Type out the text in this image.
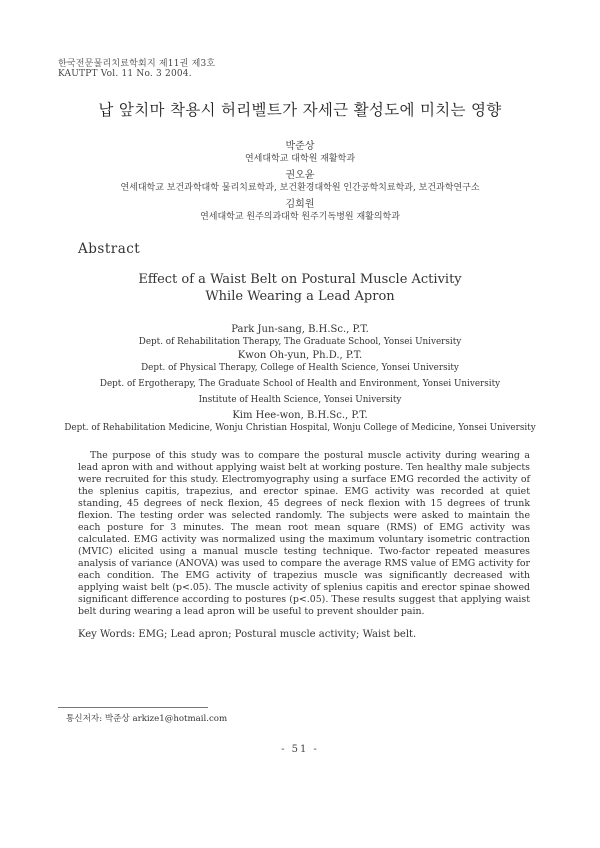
한국전문물리치료학회지 제11권 제3호
KAUTPT Vol. 11 No. 3 2004.
납 앞치마 착용시 허리벨트가 자세근 활성도에 미치는 영향
박준상
연세대학교 대학원 재활학과
권오윤
연세대학교 보건과학대학 물리치료학과, 보건환경대학원 인간공학치료학과, 보건과학연구소
김희원
연세대학교 원주의과대학 원주기독병원 재활의학과
Abstract
Effect of a Waist Belt on Postural Muscle Activity
While Wearing a Lead Apron
Park Jun-sang, B.H.Sc., P.T.
Dept. of Rehabilitation Therapy, The Graduate School, Yonsei University
Kwon Oh-yun, Ph.D., P.T.
Dept. of Physical Therapy, College of Health Science, Yonsei University
Dept. of Ergotherapy, The Graduate School of Health and Environment, Yonsei University
Institute of Health Science, Yonsei University
Kim Hee-won, B.H.Sc., P.T.
Dept. of Rehabilitation Medicine, Wonju Christian Hospital, Wonju College of Medicine, Yonsei University

The purpose of this study was to compare the postural muscle activity during wearing a lead apron with and without applying waist belt at working posture. Ten healthy male subjects were recruited for this study. Electromyography using a surface EMG recorded the activity of the splenius capitis, trapezius, and erector spinae. EMG activity was recorded at quiet standing, 45 degrees of neck flexion, 45 degrees of neck flexion with 15 degrees of trunk flexion. The testing order was selected randomly. The subjects were asked to maintain the each posture for 3 minutes. The mean root mean square (RMS) of EMG activity was calculated. EMG activity was normalized using the maximum voluntary isometric contraction (MVIC) elicited using a manual muscle testing technique. Two-factor repeated measures analysis of variance (ANOVA) was used to compare the average RMS value of EMG activity for each condition. The EMG activity of trapezius muscle was significantly decreased with applying waist belt (p<.05). The muscle activity of splenius capitis and erector spinae showed significant difference according to postures (p<.05). These results suggest that applying waist belt during wearing a lead apron will be useful to prevent shoulder pain.

Key Words: EMG; Lead apron; Postural muscle activity; Waist belt.
통신저자: 박준상 arkize1@hotmail.com
- 51 -
